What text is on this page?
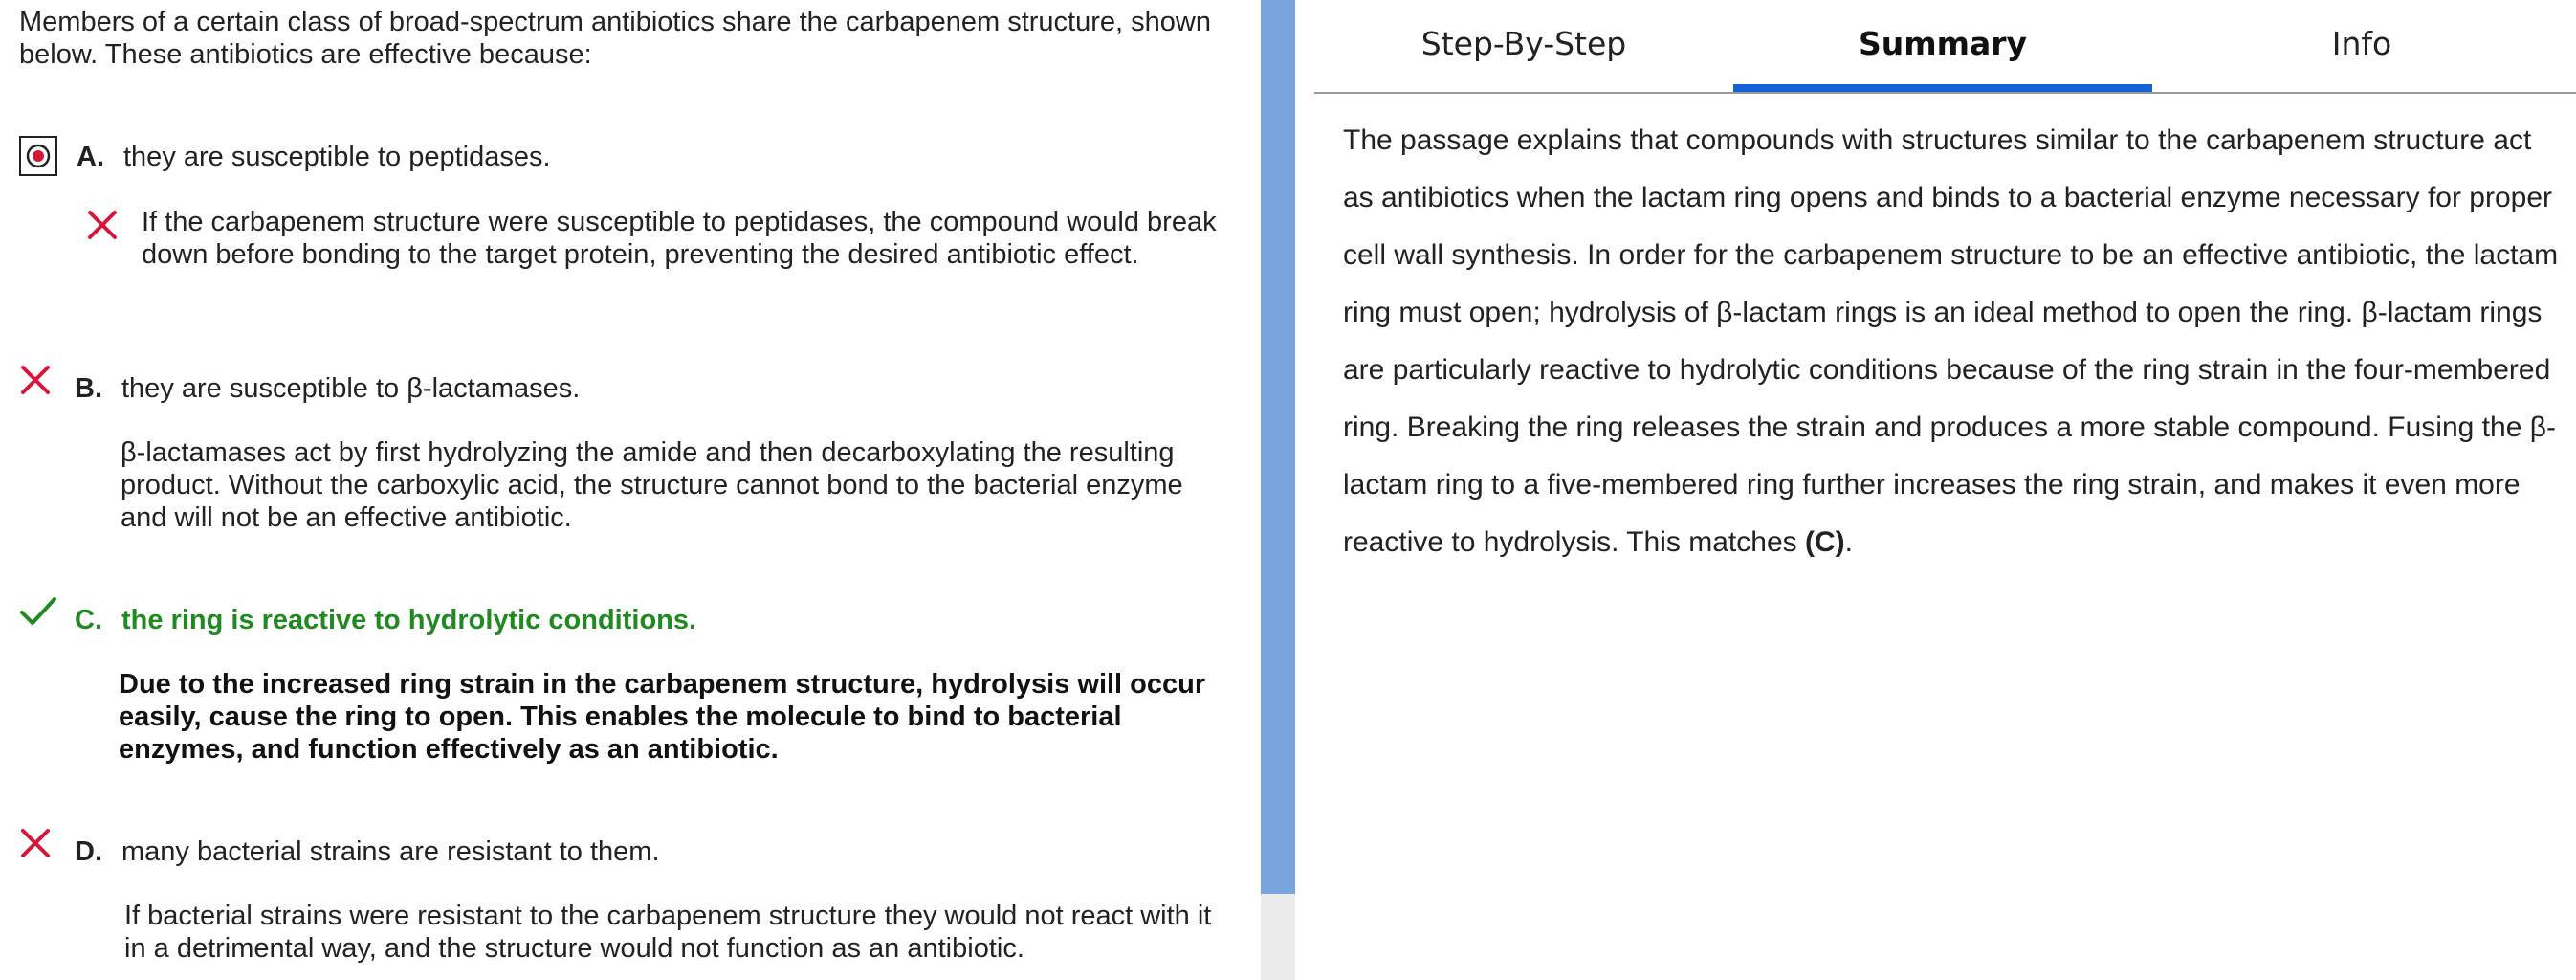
Members of a certain class of broad-spectrum antibiotics share the carbapenem structure, shown below. These antibiotics are effective because:
A. they are susceptible to peptidases.
If the carbapenem structure were susceptible to peptidases, the compound would break down before bonding to the target protein, preventing the desired antibiotic effect.
B. they are susceptible to β-lactamases.
β-lactamases act by first hydrolyzing the amide and then decarboxylating the resulting product. Without the carboxylic acid, the structure cannot bond to the bacterial enzyme and will not be an effective antibiotic.
C. the ring is reactive to hydrolytic conditions.
Due to the increased ring strain in the carbapenem structure, hydrolysis will occur easily, cause the ring to open. This enables the molecule to bind to bacterial enzymes, and function effectively as an antibiotic.
D. many bacterial strains are resistant to them.
If bacterial strains were resistant to the carbapenem structure they would not react with it in a detrimental way, and the structure would not function as an antibiotic.
Step-By-Step	Summary	Info
The passage explains that compounds with structures similar to the carbapenem structure act as antibiotics when the lactam ring opens and binds to a bacterial enzyme necessary for proper cell wall synthesis. In order for the carbapenem structure to be an effective antibiotic, the lactam ring must open; hydrolysis of β-lactam rings is an ideal method to open the ring. β-lactam rings are particularly reactive to hydrolytic conditions because of the ring strain in the four-membered ring. Breaking the ring releases the strain and produces a more stable compound. Fusing the β-lactam ring to a five-membered ring further increases the ring strain, and makes it even more reactive to hydrolysis. This matches (C).
